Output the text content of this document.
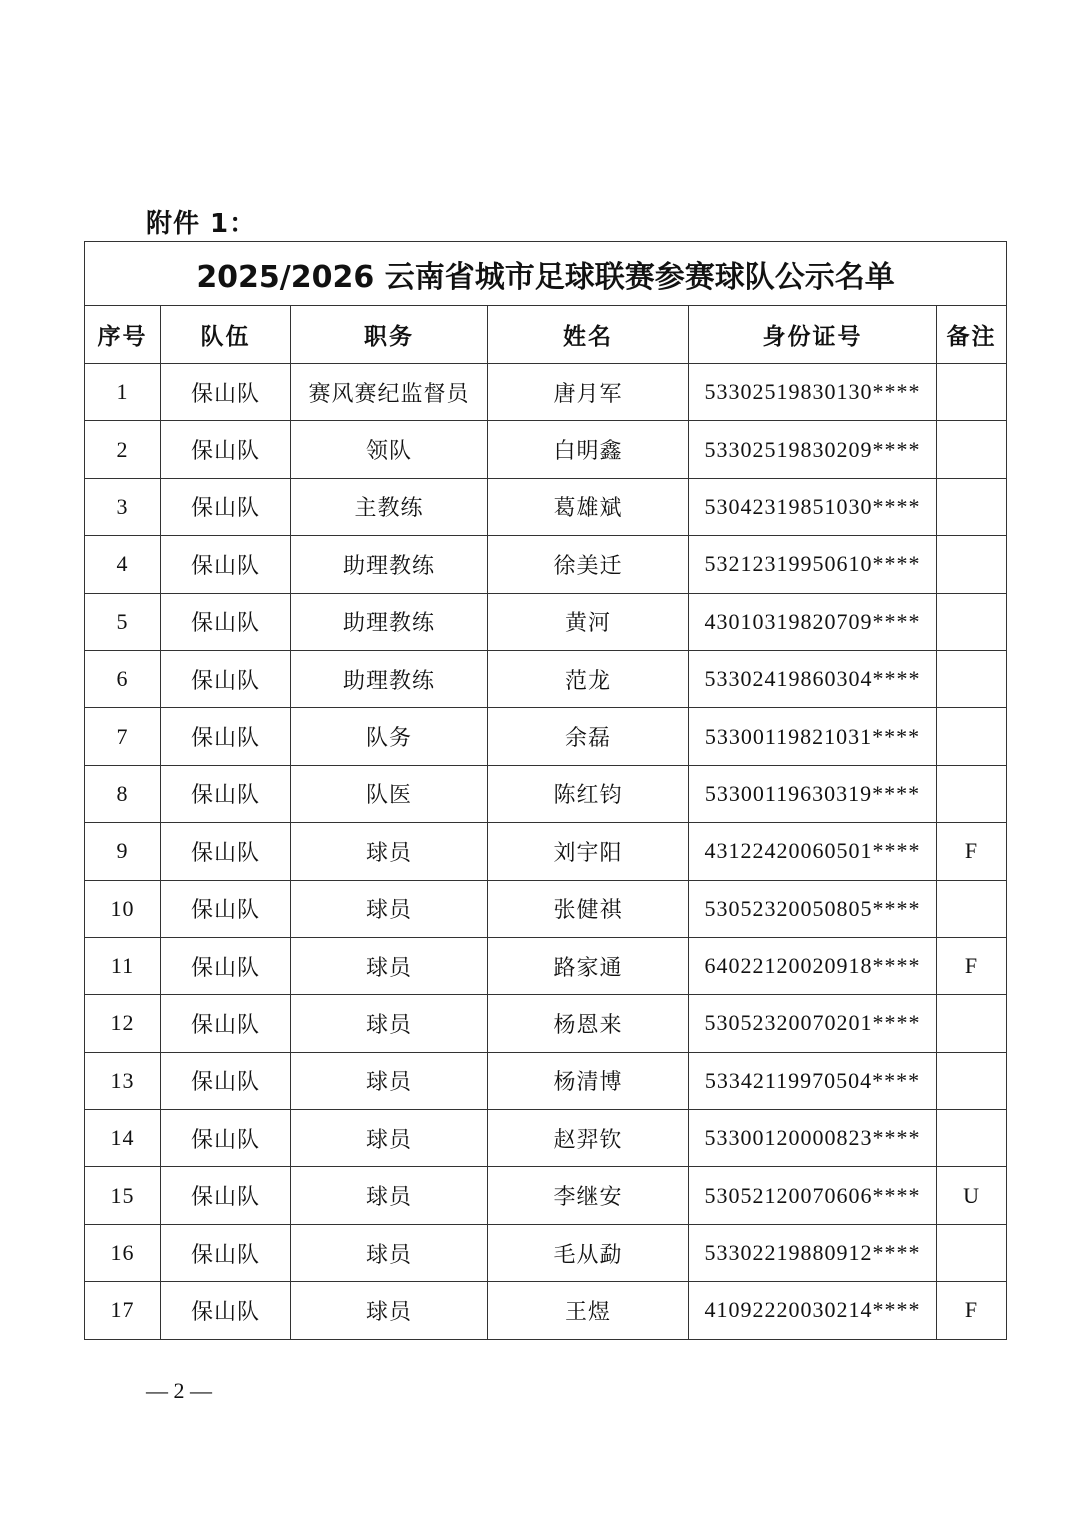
附件 1：
2025/2026 云南省城市足球联赛参赛球队公示名单					
序号	队伍	职务	姓名	身份证号	备注
1	保山队	赛风赛纪监督员	唐月军	53302519830130****	
2	保山队	领队	白明鑫	53302519830209****	
3	保山队	主教练	葛雄斌	53042319851030****	
4	保山队	助理教练	徐美迁	53212319950610****	
5	保山队	助理教练	黄河	43010319820709****	
6	保山队	助理教练	范龙	53302419860304****	
7	保山队	队务	余磊	53300119821031****	
8	保山队	队医	陈红钧	53300119630319****	
9	保山队	球员	刘宇阳	43122420060501****	F
10	保山队	球员	张健祺	53052320050805****	
11	保山队	球员	路家通	64022120020918****	F
12	保山队	球员	杨恩来	53052320070201****	
13	保山队	球员	杨清博	53342119970504****	
14	保山队	球员	赵羿钦	53300120000823****	
15	保山队	球员	李继安	53052120070606****	U
16	保山队	球员	毛从勐	53302219880912****	
17	保山队	球员	王煜	41092220030214****	F
— 2 —
